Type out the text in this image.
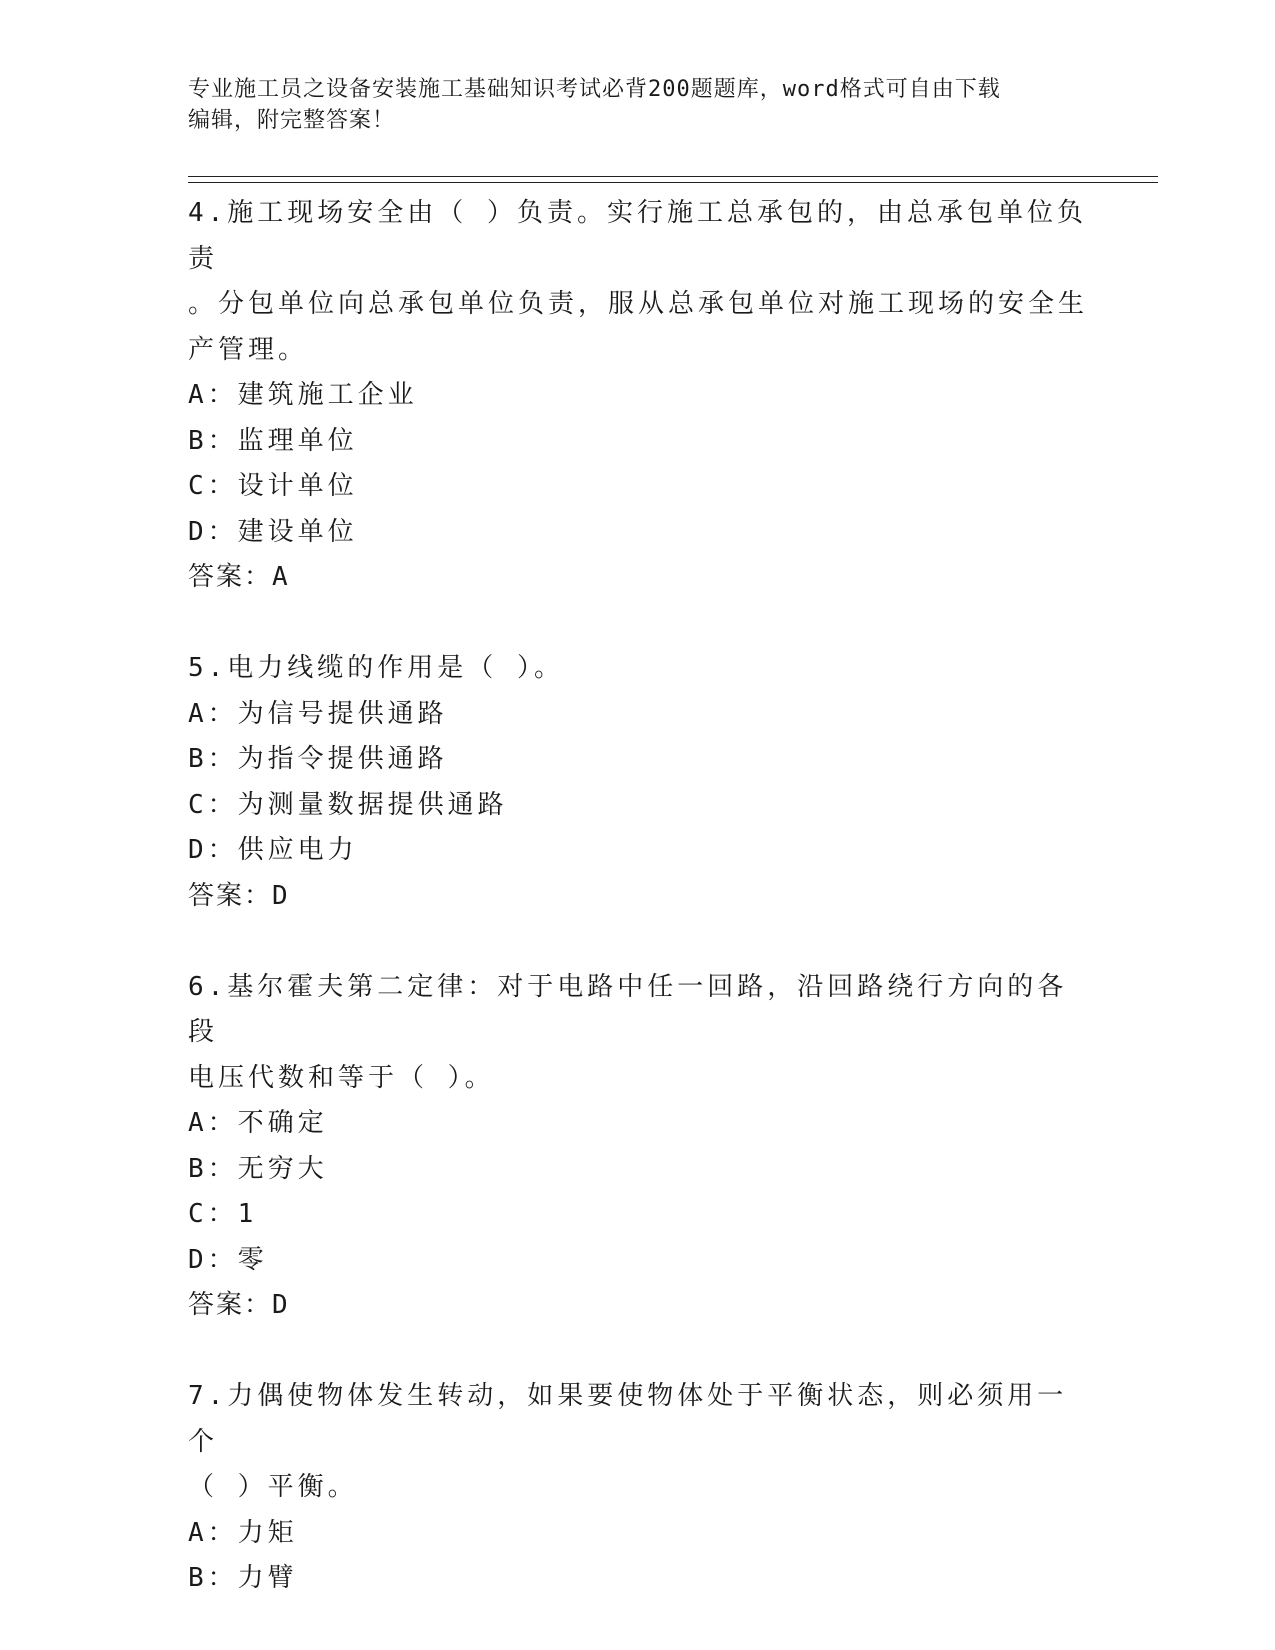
专业施工员之设备安装施工基础知识考试必背200题题库，word格式可自由下载
编辑，附完整答案！
4.施工现场安全由（ ）负责。实行施工总承包的，由总承包单位负责
。分包单位向总承包单位负责，服从总承包单位对施工现场的安全生
产管理。
A：建筑施工企业
B：监理单位
C：设计单位
D：建设单位
答案：A
5.电力线缆的作用是（ ）。
A：为信号提供通路
B：为指令提供通路
C：为测量数据提供通路
D：供应电力
答案：D
6.基尔霍夫第二定律：对于电路中任一回路，沿回路绕行方向的各段
电压代数和等于（ ）。
A：不确定
B：无穷大
C：1
D：零
答案：D
7.力偶使物体发生转动，如果要使物体处于平衡状态，则必须用一个
（ ）平衡。
A：力矩
B：力臂
